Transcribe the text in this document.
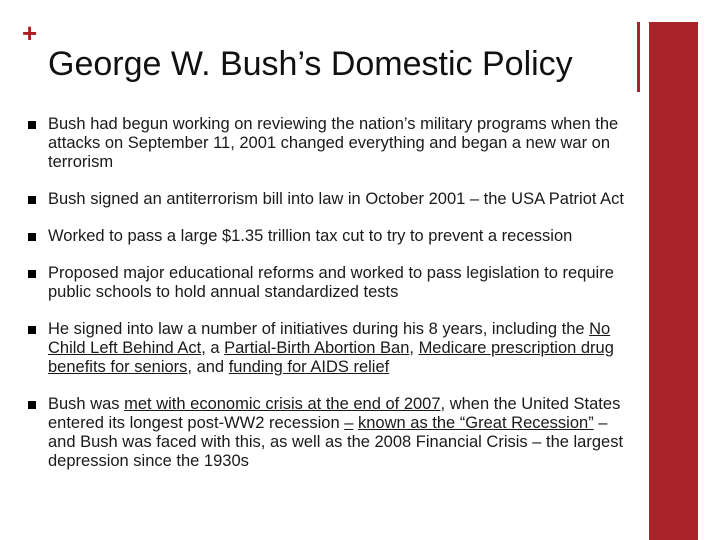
+
George W. Bush’s Domestic Policy
Bush had begun working on reviewing the nation’s military programs when the attacks on September 11, 2001 changed everything and began a new war on terrorism
Bush signed an antiterrorism bill into law in October 2001 – the USA Patriot Act
Worked to pass a large $1.35 trillion tax cut to try to prevent a recession
Proposed major educational reforms and worked to pass legislation to require public schools to hold annual standardized tests
He signed into law a number of initiatives during his 8 years, including the No Child Left Behind Act, a Partial-Birth Abortion Ban, Medicare prescription drug benefits for seniors, and funding for AIDS relief
Bush was met with economic crisis at the end of 2007, when the United States entered its longest post-WW2 recession – known as the “Great Recession” – and Bush was faced with this, as well as the 2008 Financial Crisis – the largest depression since the 1930s
